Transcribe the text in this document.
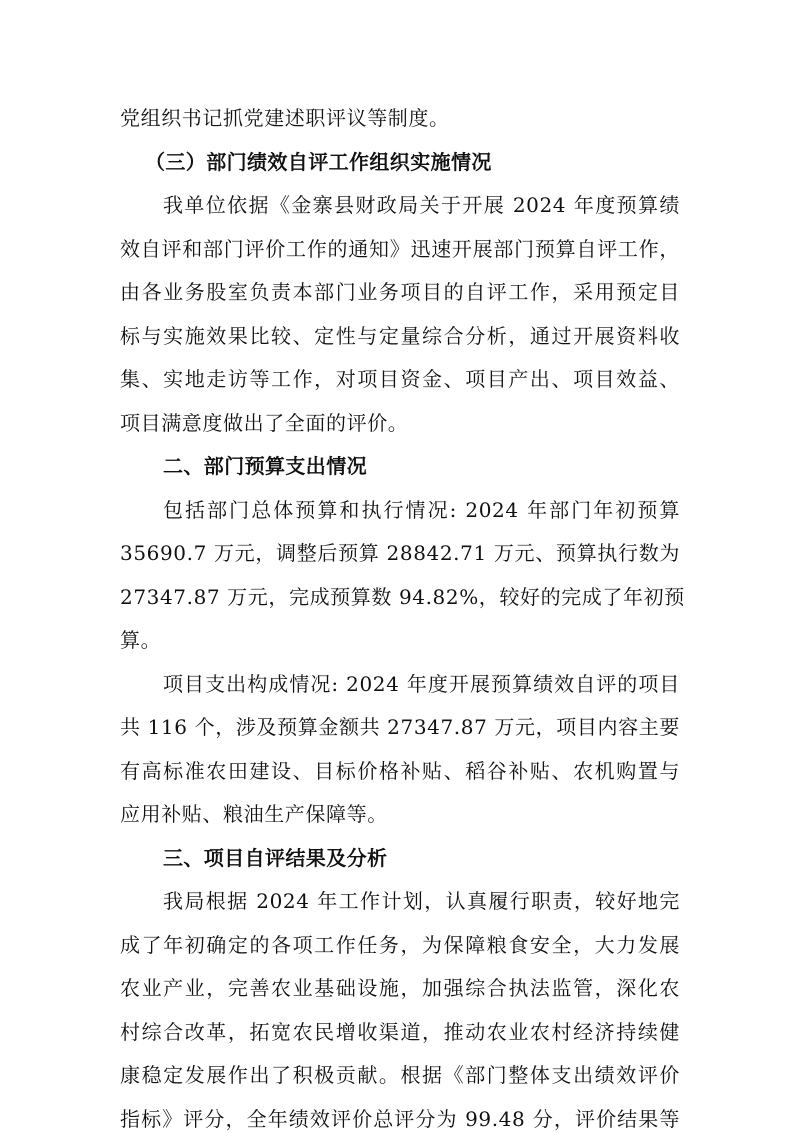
党组织书记抓党建述职评议等制度。
（三）部门绩效自评工作组织实施情况
我单位依据《金寨县财政局关于开展 2024 年度预算绩
效自评和部门评价工作的通知》迅速开展部门预算自评工作，
由各业务股室负责本部门业务项目的自评工作，采用预定目
标与实施效果比较、定性与定量综合分析，通过开展资料收
集、实地走访等工作，对项目资金、项目产出、项目效益、
项目满意度做出了全面的评价。
二、部门预算支出情况
包括部门总体预算和执行情况: 2024 年部门年初预算
35690.7 万元，调整后预算 28842.71 万元、预算执行数为
27347.87 万元，完成预算数 94.82%，较好的完成了年初预
算。
项目支出构成情况: 2024 年度开展预算绩效自评的项目
共 116 个，涉及预算金额共 27347.87 万元，项目内容主要
有高标准农田建设、目标价格补贴、稻谷补贴、农机购置与
应用补贴、粮油生产保障等。
三、项目自评结果及分析
我局根据 2024 年工作计划，认真履行职责，较好地完
成了年初确定的各项工作任务，为保障粮食安全，大力发展
农业产业，完善农业基础设施，加强综合执法监管，深化农
村综合改革，拓宽农民增收渠道，推动农业农村经济持续健
康稳定发展作出了积极贡献。根据《部门整体支出绩效评价
指标》评分，全年绩效评价总评分为 99.48 分，评价结果等
